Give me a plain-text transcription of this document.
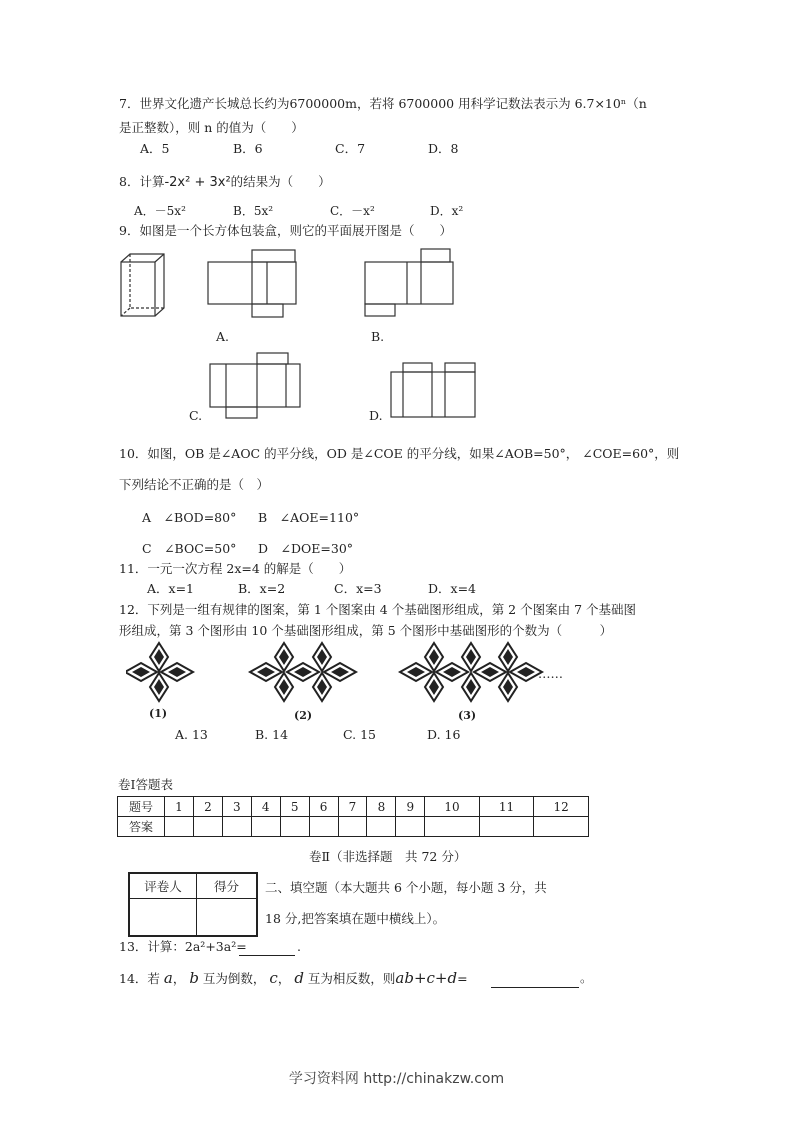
7．世界文化遗产长城总长约为6700000m，若将 6700000 用科学记数法表示为 6.7×10ⁿ（n
是正整数），则 n 的值为（　　）
A．5	B．6	C．7	D．8
8．计算-2x² + 3x²的结果为（　　）
A．－5x²	B．5x²	C．－x²	D．x²
9．如图是一个长方体包装盒，则它的平面展开图是（　　）
A.	B.
C.	D.
10．如图，OB 是∠AOC 的平分线，OD 是∠COE 的平分线，如果∠AOB=50°， ∠COE=60°，则
下列结论不正确的是（　）
A　∠BOD=80° B　∠AOE=110°
C　∠BOC=50° D　∠DOE=30°
11．一元一次方程 2x=4 的解是（　　）
A．x=1	B．x=2	C．x=3	D．x=4
12．下列是一组有规律的图案，第 1 个图案由 4 个基础图形组成，第 2 个图案由 7 个基础图
形组成，第 3 个图形由 10 个基础图形组成，第 5 个图形中基础图形的个数为（　　　）
(1)	(2)	(3)
……
A. 13	B. 14	C. 15	D. 16
卷Ⅰ答题表
题号	1	2	3	4	5	6	7	8	9	10	11	12
答案												
卷Ⅱ（非选择题　共 72 分）
评卷人	得分
	二、填空题（本大题共 6 个小题，每小题 3 分，共
18 分,把答案填在题中横线上）。
13．计算：2a²+3a²=	.
14．若 a， b 互为倒数， c， d 互为相反数，则ab+c+d=	。
学习资料网 http://chinakzw.com
